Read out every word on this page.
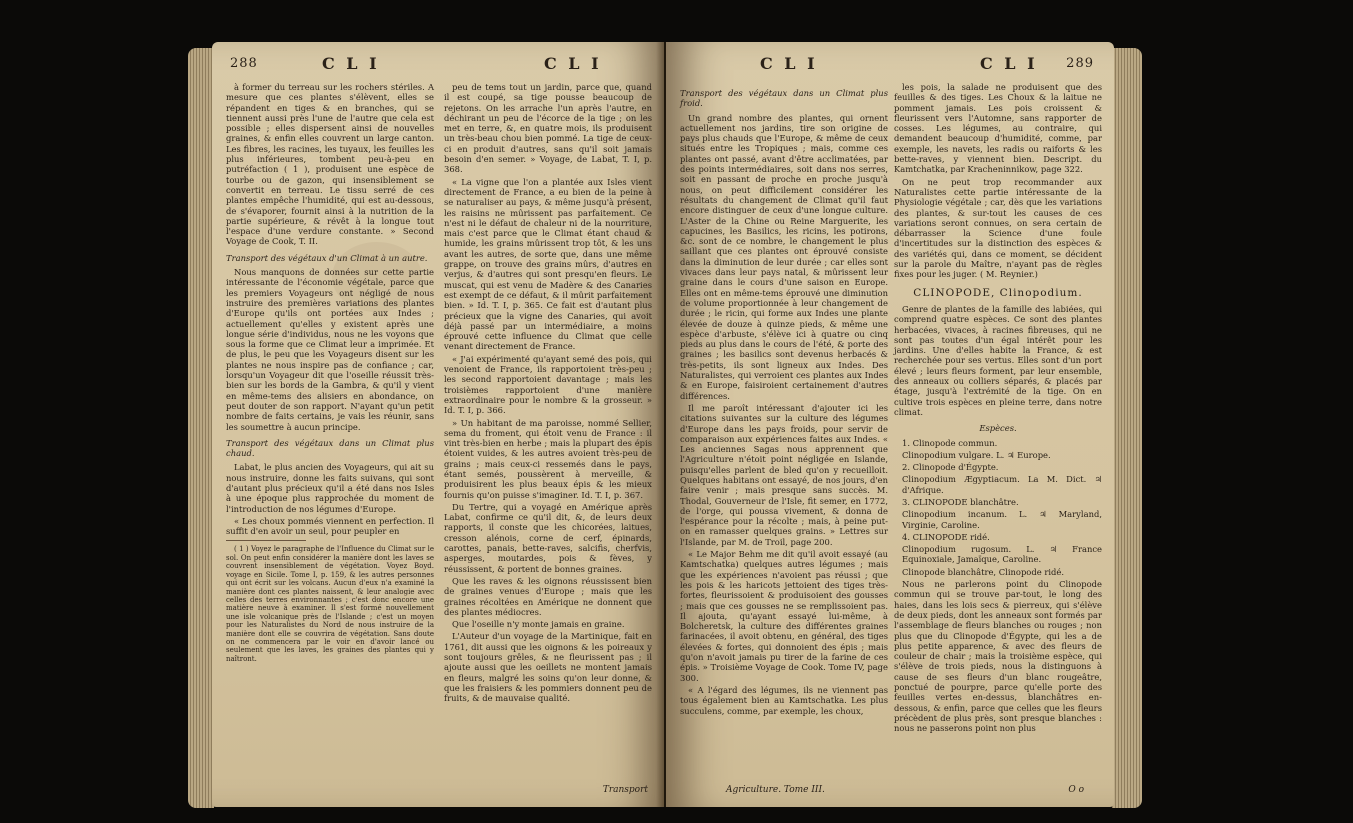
288	C L I	C L I

à former du terreau sur les rochers stériles. A mesure que ces plantes s'élèvent, elles se répandent en tiges & en branches, qui se tiennent aussi près l'une de l'autre que cela est possible ; elles dispersent ainsi de nouvelles graines, & enfin elles couvrent un large canton. Les fibres, les racines, les tuyaux, les feuilles les plus inférieures, tombent peu-à-peu en putréfaction ( 1 ), produisent une espèce de tourbe ou de gazon, qui insensiblement se convertit en terreau. Le tissu serré de ces plantes empêche l'humidité, qui est au-dessous, de s'évaporer, fournit ainsi à la nutrition de la partie supérieure, & révêt à la longue tout l'espace d'une verdure constante. » Second Voyage de Cook, T. II.

Transport des végétaux d'un Climat à un autre.

Nous manquons de données sur cette partie intéressante de l'économie végétale, parce que les premiers Voyageurs ont négligé de nous instruire des premières variations des plantes d'Europe qu'ils ont portées aux Indes ; actuellement qu'elles y existent après une longue série d'individus, nous ne les voyons que sous la forme que ce Climat leur a imprimée. Et de plus, le peu que les Voyageurs disent sur les plantes ne nous inspire pas de confiance ; car, lorsqu'un Voyageur dit que l'oseille réussit très-bien sur les bords de la Gambra, & qu'il y vient en même-tems des alisiers en abondance, on peut douter de son rapport. N'ayant qu'un petit nombre de faits certains, je vais les réunir, sans les soumettre à aucun principe.

Transport des végétaux dans un Climat plus chaud.

Labat, le plus ancien des Voyageurs, qui ait su nous instruire, donne les faits suivans, qui sont d'autant plus précieux qu'il a été dans nos Isles à une époque plus rapprochée du moment de l'introduction de nos légumes d'Europe.

« Les choux pommés viennent en perfection. Il suffit d'en avoir un seul, pour peupler en

( 1 ) Voyez le paragraphe de l'Influence du Climat sur le sol. On peut enfin considérer la manière dont les laves se couvrent insensiblement de végétation. Voyez Boyd. voyage en Sicile. Tome I, p. 159, & les autres personnes qui ont écrit sur les volcans. Aucun d'eux n'a examiné la manière dont ces plantes naissent, & leur analogie avec celles des terres environnantes ; c'est donc encore une matière neuve à examiner. Il s'est formé nouvellement une isle volcanique près de l'Islande ; c'est un moyen pour les Naturalistes du Nord de nous instruire de la manière dont elle se couvrira de végétation. Sans doute on ne commencera par le voir en d'avoir lancé ou seulement que les laves, les graines des plantes qui y naîtront.

peu de tems tout un jardin, parce que, quand il est coupé, sa tige pousse beaucoup de rejetons. On les arrache l'un après l'autre, en déchirant un peu de l'écorce de la tige ; on les met en terre, &, en quatre mois, ils produisent un très-beau chou bien pommé. La tige de ceux-ci en produit d'autres, sans qu'il soit jamais besoin d'en semer. » Voyage, de Labat, T. I, p. 368.

« La vigne que l'on a plantée aux Isles vient directement de France, a eu bien de la peine à se naturaliser au pays, & même jusqu'à présent, les raisins ne mûrissent pas parfaitement. Ce n'est ni le défaut de chaleur ni de la nourriture, mais c'est parce que le Climat étant chaud & humide, les grains mûrissent trop tôt, & les uns avant les autres, de sorte que, dans une même grappe, on trouve des grains mûrs, d'autres en verjus, & d'autres qui sont presqu'en fleurs. Le muscat, qui est venu de Madère & des Canaries est exempt de ce défaut, & il mûrit parfaitement bien. » Id. T. I, p. 365. Ce fait est d'autant plus précieux que la vigne des Canaries, qui avoit déjà passé par un intermédiaire, a moins éprouvé cette influence du Climat que celle venant directement de France.

« J'ai expérimenté qu'ayant semé des pois, qui venoient de France, ils rapportoient très-peu ; les second rapportoient davantage ; mais les troisièmes rapportoient d'une manière extraordinaire pour le nombre & la grosseur. » Id. T. I, p. 366.

» Un habitant de ma paroisse, nommé Sellier, sema du froment, qui étoit venu de France : il vint très-bien en herbe ; mais la plupart des épis étoient vuides, & les autres avoient très-peu de grains ; mais ceux-ci ressemés dans le pays, étant semés, poussèrent à merveille, & produisirent les plus beaux épis & les mieux fournis qu'on puisse s'imaginer. Id. T. I, p. 367.

Du Tertre, qui a voyagé en Amérique après Labat, confirme ce qu'il dit, &, de leurs deux rapports, il conste que les chicorées, laitues, cresson alénois, corne de cerf, épinards, carottes, panais, bette-raves, salcifis, cherfvis, asperges, moutardes, pois & fèves, y réussissent, & portent de bonnes graines.

Que les raves & les oignons réussissent bien de graines venues d'Europe ; mais que les graines récoltées en Amérique ne donnent que des plantes médiocres.

Que l'oseille n'y monte jamais en graine.

L'Auteur d'un voyage de la Martinique, fait en 1761, dit aussi que les oignons & les poireaux y sont toujours grêles, & ne fleurissent pas ; il ajoute aussi que les oeillets ne montent jamais en fleurs, malgré les soins qu'on leur donne, & que les fraisiers & les pommiers donnent peu de fruits, & de mauvaise qualité.

Transport
C L I	C L I 289

Transport des végétaux dans un Climat plus froid.

Un grand nombre des plantes, qui ornent actuellement nos jardins, tire son origine de pays plus chauds que l'Europe, & même de ceux situés entre les Tropiques ; mais, comme ces plantes ont passé, avant d'être acclimatées, par des points intermédiaires, soit dans nos serres, soit en passant de proche en proche jusqu'à nous, on peut difficilement considérer les résultats du changement de Climat qu'il faut encore distinguer de ceux d'une longue culture. L'Aster de la Chine ou Reine Marguerite, les capucines, les Basilics, les ricins, les potirons, &c. sont de ce nombre, le changement le plus saillant que ces plantes ont éprouvé consiste dans la diminution de leur durée ; car elles sont vivaces dans leur pays natal, & mûrissent leur graine dans le cours d'une saison en Europe. Elles ont en même-tems éprouvé une diminution de volume proportionnée à leur changement de durée ; le ricin, qui forme aux Indes une plante élevée de douze à quinze pieds, & même une espèce d'arbuste, s'élève ici à quatre ou cinq pieds au plus dans le cours de l'été, & porte des graines ; les basilics sont devenus herbacés & très-petits, ils sont ligneux aux Indes. Des Naturalistes, qui verroient ces plantes aux Indes & en Europe, faisiroient certainement d'autres différences.

Il me paroît intéressant d'ajouter ici les citations suivantes sur la culture des légumes d'Europe dans les pays froids, pour servir de comparaison aux expériences faites aux Indes. « Les anciennes Sagas nous apprennent que l'Agriculture n'étoit point négligée en Islande, puisqu'elles parlent de bled qu'on y recueilloit. Quelques habitans ont essayé, de nos jours, d'en faire venir ; mais presque sans succès. M. Thodal, Gouverneur de l'Isle, fit semer, en 1772, de l'orge, qui poussa vivement, & donna de l'espérance pour la récolte ; mais, à peine put-on en ramasser quelques grains. » Lettres sur l'Islande, par M. de Troil, page 200.

« Le Major Behm me dit qu'il avoit essayé (au Kamtschatka) quelques autres légumes ; mais que les expériences n'avoient pas réussi ; que les pois & les haricots jettoient des tiges très-fortes, fleurissoient & produisoient des gousses ; mais que ces gousses ne se remplissoient pas. Il ajouta, qu'ayant essayé lui-même, à Bolcheretsk, la culture des différentes graines farinacées, il avoit obtenu, en général, des tiges élevées & fortes, qui donnoient des épis ; mais qu'on n'avoit jamais pu tirer de la farine de ces épis. » Troisième Voyage de Cook. Tome IV, page 300.

« A l'égard des légumes, ils ne viennent pas tous également bien au Kamtschatka. Les plus succulens, comme, par exemple, les choux,

Agriculture. Tome III.

les pois, la salade ne produisent que des feuilles & des tiges. Les Choux & la laitue ne pomment jamais. Les pois croissent & fleurissent vers l'Automne, sans rapporter de cosses. Les légumes, au contraire, qui demandent beaucoup d'humidité, comme, par exemple, les navets, les radis ou raiforts & les bette-raves, y viennent bien. Descript. du Kamtchatka, par Kracheninnikow, page 322.

On ne peut trop recommander aux Naturalistes cette partie intéressante de la Physiologie végétale ; car, dès que les variations des plantes, & sur-tout les causes de ces variations seront connues, on sera certain de débarrasser la Science d'une foule d'incertitudes sur la distinction des espèces & des variétés qui, dans ce moment, se décident sur la parole du Maître, n'ayant pas de règles fixes pour les juger. ( M. Reynier.)

CLINOPODE, Clinopodium.

Genre de plantes de la famille des labiées, qui comprend quatre espèces. Ce sont des plantes herbacées, vivaces, à racines fibreuses, qui ne sont pas toutes d'un égal intérêt pour les jardins. Une d'elles habite la France, & est recherchée pour ses vertus. Elles sont d'un port élevé ; leurs fleurs forment, par leur ensemble, des anneaux ou colliers séparés, & placés par étage, jusqu'à l'extrémité de la tige. On en cultive trois espèces en pleine terre, dans notre climat.

Espèces.

1. Clinopode commun.

Clinopodium vulgare. L. ♃ Europe.

2. Clinopode d'Égypte.

Clinopodium Ægyptiacum. La M. Dict. ♃ d'Afrique.

3. CLINOPODE blanchâtre.

Clinopodium incanum. L. ♃ Maryland, Virginie, Caroline.

4. CLINOPODE ridé.

Clinopodium rugosum. L. ♃ France Equinoxiale, Jamaïque, Caroline.

Clinopode blanchâtre, Clinopode ridé.

Nous ne parlerons point du Clinopode commun qui se trouve par-tout, le long des haies, dans les lois secs & pierreux, qui s'élève de deux pieds, dont les anneaux sont formés par l'assemblage de fleurs blanches ou rouges ; non plus que du Clinopode d'Égypte, qui les a de plus petite apparence, & avec des fleurs de couleur de chair ; mais la troisième espèce, qui s'élève de trois pieds, nous la distinguons à cause de ses fleurs d'un blanc rougeâtre, ponctué de pourpre, parce qu'elle porte des feuilles vertes en-dessus, blanchâtres en-dessous, & enfin, parce que celles que les fleurs précèdent de plus près, sont presque blanches : nous ne passerons point non plus

O o
